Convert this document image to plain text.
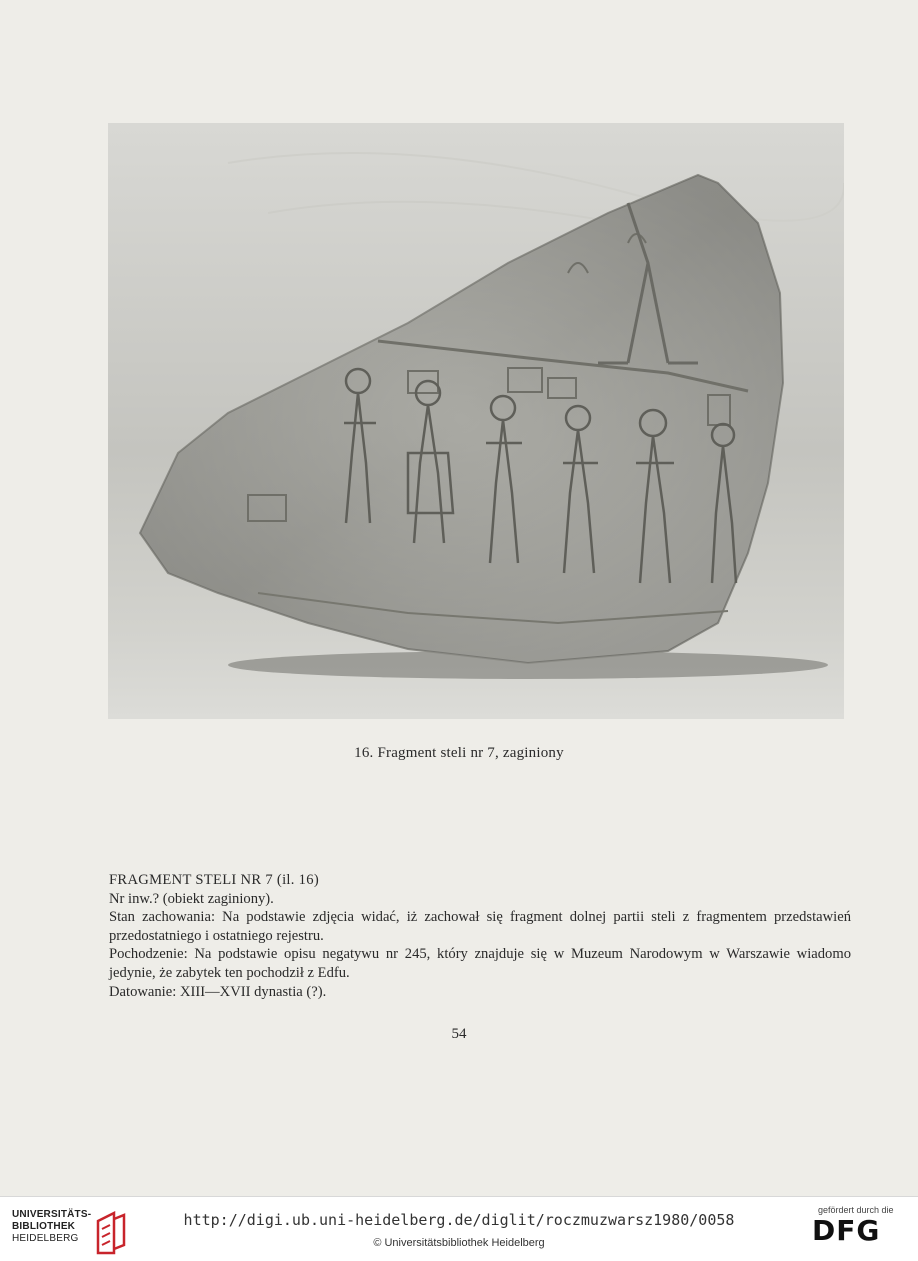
16. Fragment steli nr 7, zaginiony

FRAGMENT STELI NR 7 (il. 16)

Nr inw.? (obiekt zaginiony).

Stan zachowania: Na podstawie zdjęcia widać, iż zachował się fragment dolnej partii steli z fragmentem przedstawień przedostatniego i ostatniego rejestru.

Pochodzenie: Na podstawie opisu negatywu nr 245, który znajduje się w Muzeum Narodowym w Warszawie wiadomo jedynie, że zabytek ten pochodził z Edfu.

Datowanie: XIII—XVII dynastia (?).

54
UNIVERSITÄTS-
BIBLIOTHEK
HEIDELBERG
http://digi.ub.uni-heidelberg.de/diglit/roczmuzwarsz1980/0058
© Universitätsbibliothek Heidelberg
gefördert durch die
DFG
